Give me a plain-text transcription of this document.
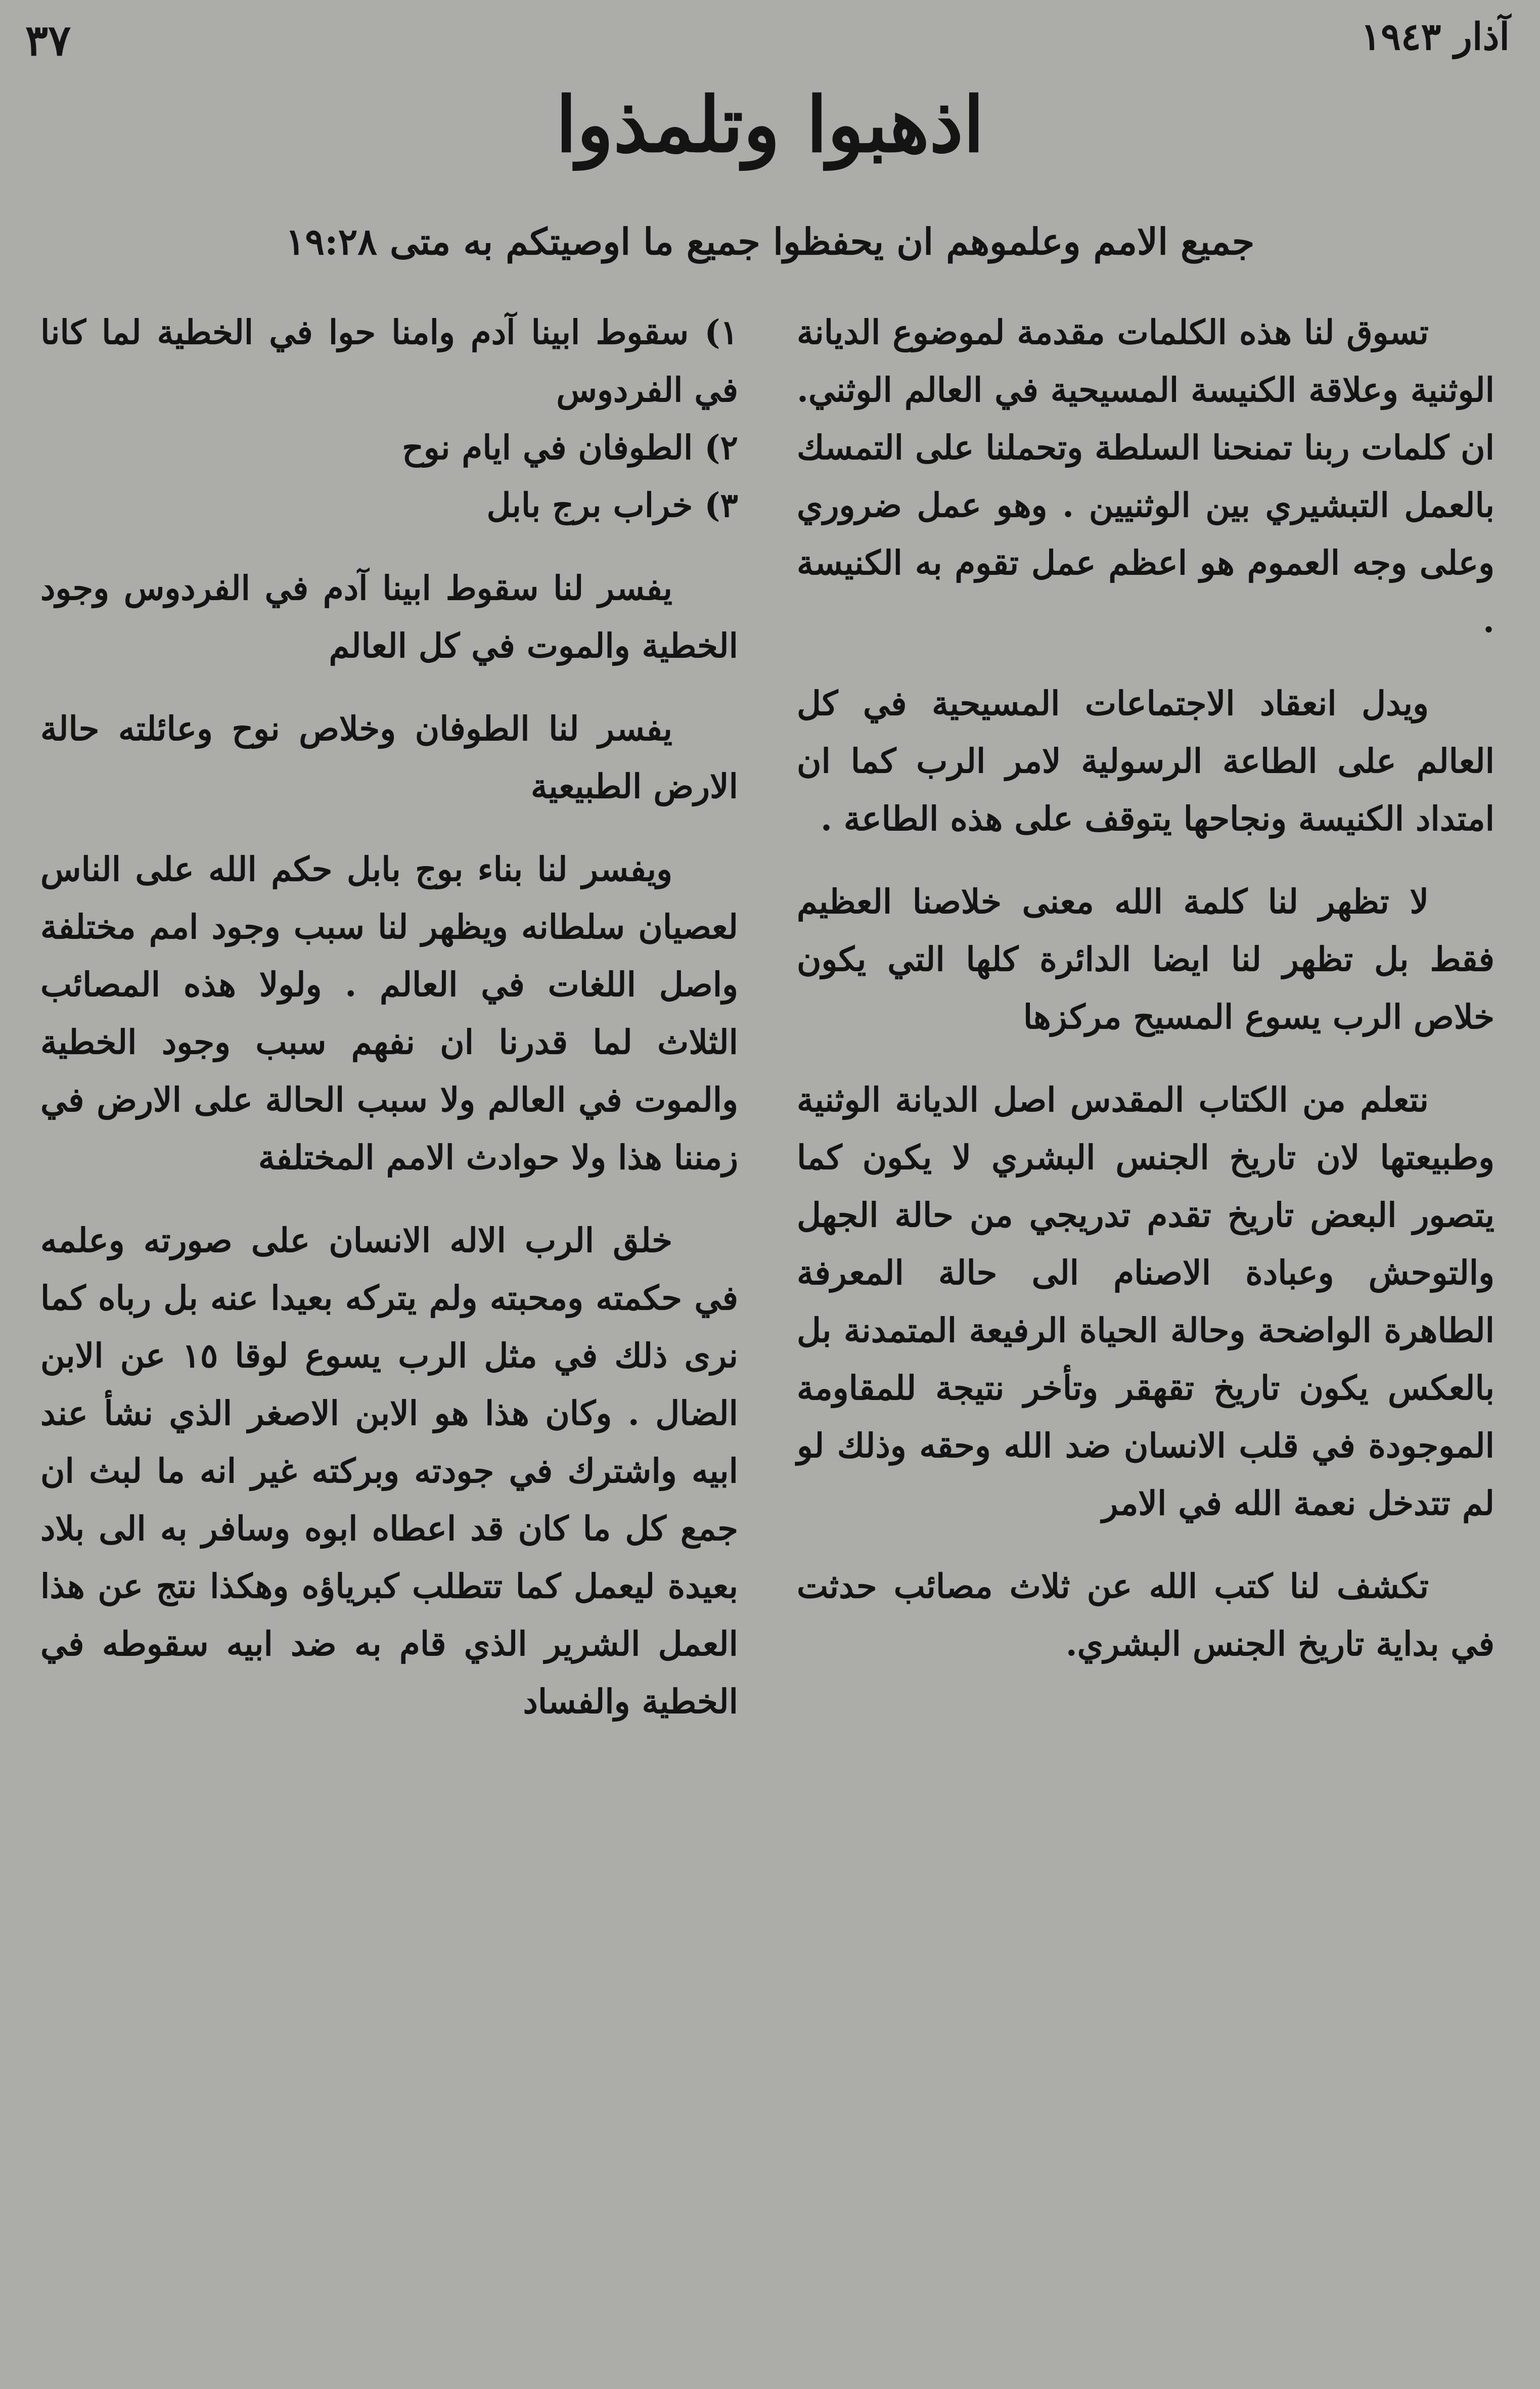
آذار ١٩٤٣
٣٧
اذهبوا وتلمذوا
جميع الامم وعلموهم ان يحفظوا جميع ما اوصيتكم به متى ١٩:٢٨

تسوق لنا هذه الكلمات مقدمة لموضوع الديانة الوثنية وعلاقة الكنيسة المسيحية في العالم الوثني. ان كلمات ربنا تمنحنا السلطة وتحملنا على التمسك بالعمل التبشيري بين الوثنيين . وهو عمل ضروري وعلى وجه العموم هو اعظم عمل تقوم به الكنيسة .

ويدل انعقاد الاجتماعات المسيحية في كل العالم على الطاعة الرسولية لامر الرب كما ان امتداد الكنيسة ونجاحها يتوقف على هذه الطاعة .

لا تظهر لنا كلمة الله معنى خلاصنا العظيم فقط بل تظهر لنا ايضا الدائرة كلها التي يكون خلاص الرب يسوع المسيح مركزها

نتعلم من الكتاب المقدس اصل الديانة الوثنية وطبيعتها لان تاريخ الجنس البشري لا يكون كما يتصور البعض تاريخ تقدم تدريجي من حالة الجهل والتوحش وعبادة الاصنام الى حالة المعرفة الطاهرة الواضحة وحالة الحياة الرفيعة المتمدنة بل بالعكس يكون تاريخ تقهقر وتأخر نتيجة للمقاومة الموجودة في قلب الانسان ضد الله وحقه وذلك لو لم تتدخل نعمة الله في الامر

تكشف لنا كتب الله عن ثلاث مصائب حدثت في بداية تاريخ الجنس البشري.

١) سقوط ابينا آدم وامنا حوا في الخطية لما كانا في الفردوس

٢) الطوفان في ايام نوح

٣) خراب برج بابل

يفسر لنا سقوط ابينا آدم في الفردوس وجود الخطية والموت في كل العالم

يفسر لنا الطوفان وخلاص نوح وعائلته حالة الارض الطبيعية

ويفسر لنا بناء بوج بابل حكم الله على الناس لعصيان سلطانه ويظهر لنا سبب وجود امم مختلفة واصل اللغات في العالم . ولولا هذه المصائب الثلاث لما قدرنا ان نفهم سبب وجود الخطية والموت في العالم ولا سبب الحالة على الارض في زمننا هذا ولا حوادث الامم المختلفة

خلق الرب الاله الانسان على صورته وعلمه في حكمته ومحبته ولم يتركه بعيدا عنه بل رباه كما نرى ذلك في مثل الرب يسوع لوقا ١٥ عن الابن الضال . وكان هذا هو الابن الاصغر الذي نشأ عند ابيه واشترك في جودته وبركته غير انه ما لبث ان جمع كل ما كان قد اعطاه ابوه وسافر به الى بلاد بعيدة ليعمل كما تتطلب كبرياؤه وهكذا نتج عن هذا العمل الشرير الذي قام به ضد ابيه سقوطه في الخطية والفساد
